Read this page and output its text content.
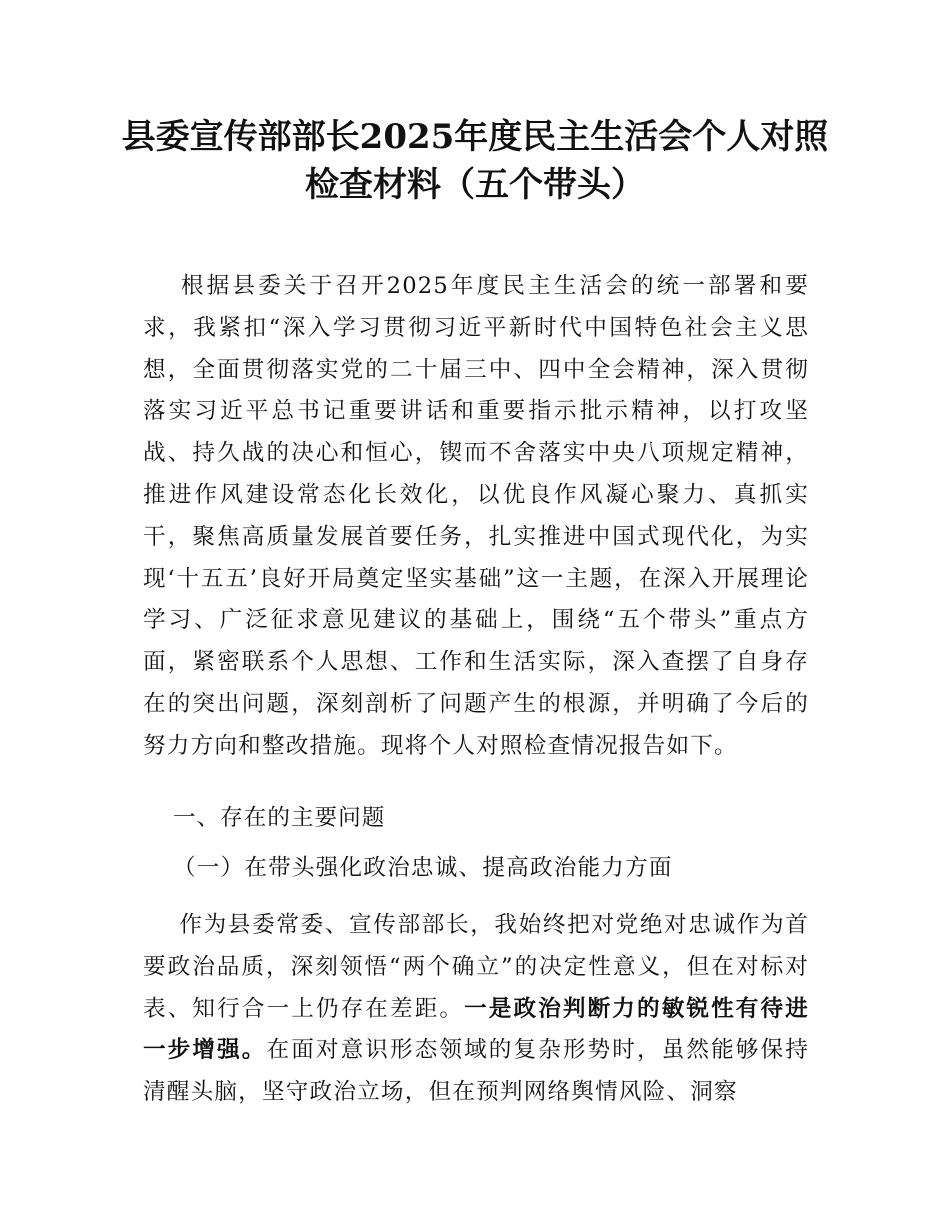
县委宣传部部长2025年度民主生活会个人对照
检查材料（五个带头）
根据县委关于召开2025年度民主生活会的统一部署和要求，我紧扣“深入学习贯彻习近平新时代中国特色社会主义思想，全面贯彻落实党的二十届三中、四中全会精神，深入贯彻落实习近平总书记重要讲话和重要指示批示精神，以打攻坚战、持久战的决心和恒心，锲而不舍落实中央八项规定精神，推进作风建设常态化长效化，以优良作风凝心聚力、真抓实干，聚焦高质量发展首要任务，扎实推进中国式现代化，为实现‘十五五’良好开局奠定坚实基础”这一主题，在深入开展理论学习、广泛征求意见建议的基础上，围绕“五个带头”重点方面，紧密联系个人思想、工作和生活实际，深入查摆了自身存在的突出问题，深刻剖析了问题产生的根源，并明确了今后的努力方向和整改措施。现将个人对照检查情况报告如下。
一、存在的主要问题
（一）在带头强化政治忠诚、提高政治能力方面
作为县委常委、宣传部部长，我始终把对党绝对忠诚作为首要政治品质，深刻领悟“两个确立”的决定性意义，但在对标对表、知行合一上仍存在差距。一是政治判断力的敏锐性有待进一步增强。在面对意识形态领域的复杂形势时，虽然能够保持清醒头脑，坚守政治立场，但在预判网络舆情风险、洞察
